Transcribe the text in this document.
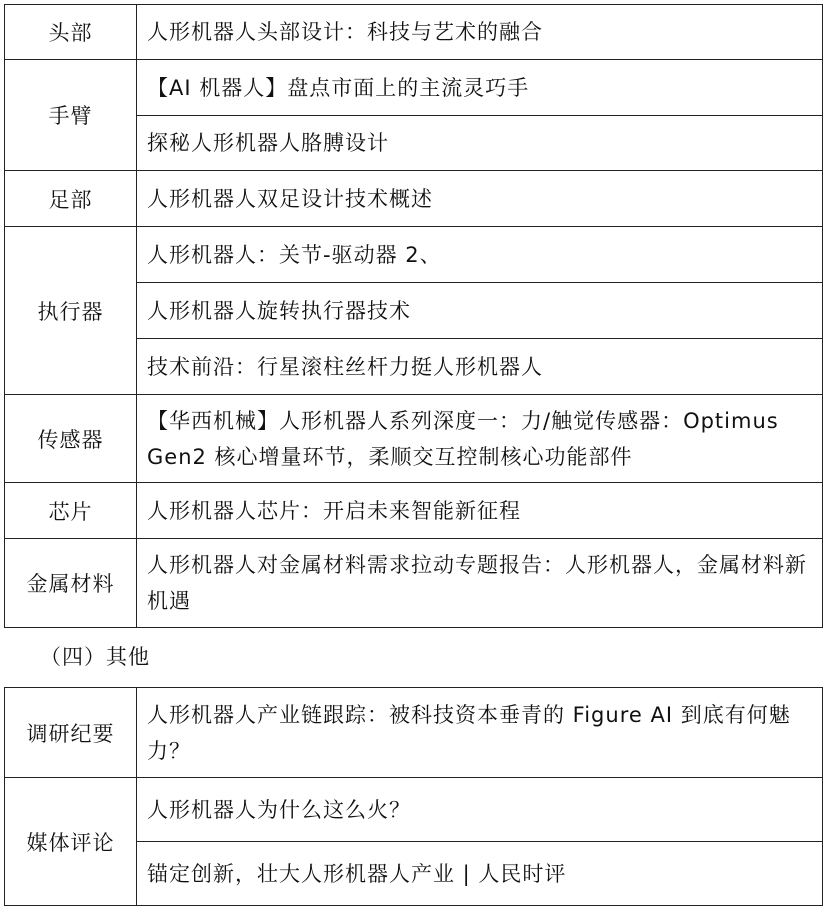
头部	人形机器人头部设计：科技与艺术的融合
手臂	【AI 机器人】盘点市面上的主流灵巧手
	探秘人形机器人胳膊设计
足部	人形机器人双足设计技术概述
执行器	人形机器人：关节-驱动器 2、
	人形机器人旋转执行器技术
	技术前沿：行星滚柱丝杆力挺人形机器人
传感器	【华西机械】人形机器人系列深度一：力/触觉传感器：Optimus Gen2 核心增量环节，柔顺交互控制核心功能部件
芯片	人形机器人芯片：开启未来智能新征程
金属材料	人形机器人对金属材料需求拉动专题报告：人形机器人，金属材料新机遇
（四）其他
调研纪要	人形机器人产业链跟踪：被科技资本垂青的 Figure AI 到底有何魅力？
媒体评论	人形机器人为什么这么火？
	锚定创新，壮大人形机器人产业 | 人民时评
